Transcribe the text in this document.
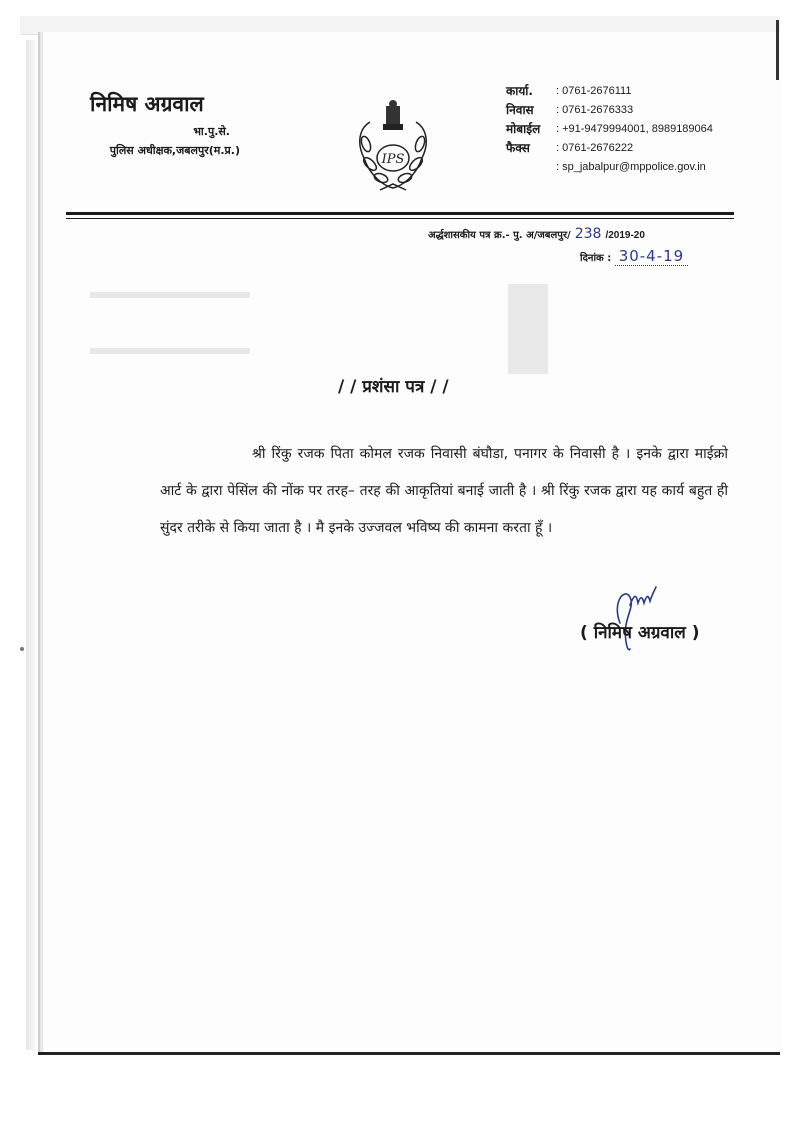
निमिष अग्रवाल
भा.पु.से.
पुलिस अधीक्षक,जबलपुर(म.प्र.)
IPS
कार्या.	: 0761-2676111
निवास	: 0761-2676333
मोबाईल	: +91-9479994001, 8989189064
फैक्स	: 0761-2676222
: sp_jabalpur@mppolice.gov.in
अर्द्धशासकीय पत्र क्र.- पु. अ/जबलपुर/ 238 /2019-20
दिनांक : 30-4-19
/ / प्रशंसा पत्र / /
श्री रिंकु रजक पिता कोमल रजक निवासी बंघौडा, पनागर के निवासी है । इनके द्वारा माईक्रो आर्ट के द्वारा पेसिंल की नोंक पर तरह– तरह की आकृतियां बनाई जाती है । श्री रिंकु रजक द्वारा यह कार्य बहुत ही सुंदर तरीके से किया जाता है । मै इनके उज्जवल भविष्य की कामना करता हूँ ।
( निमिष अग्रवाल )
